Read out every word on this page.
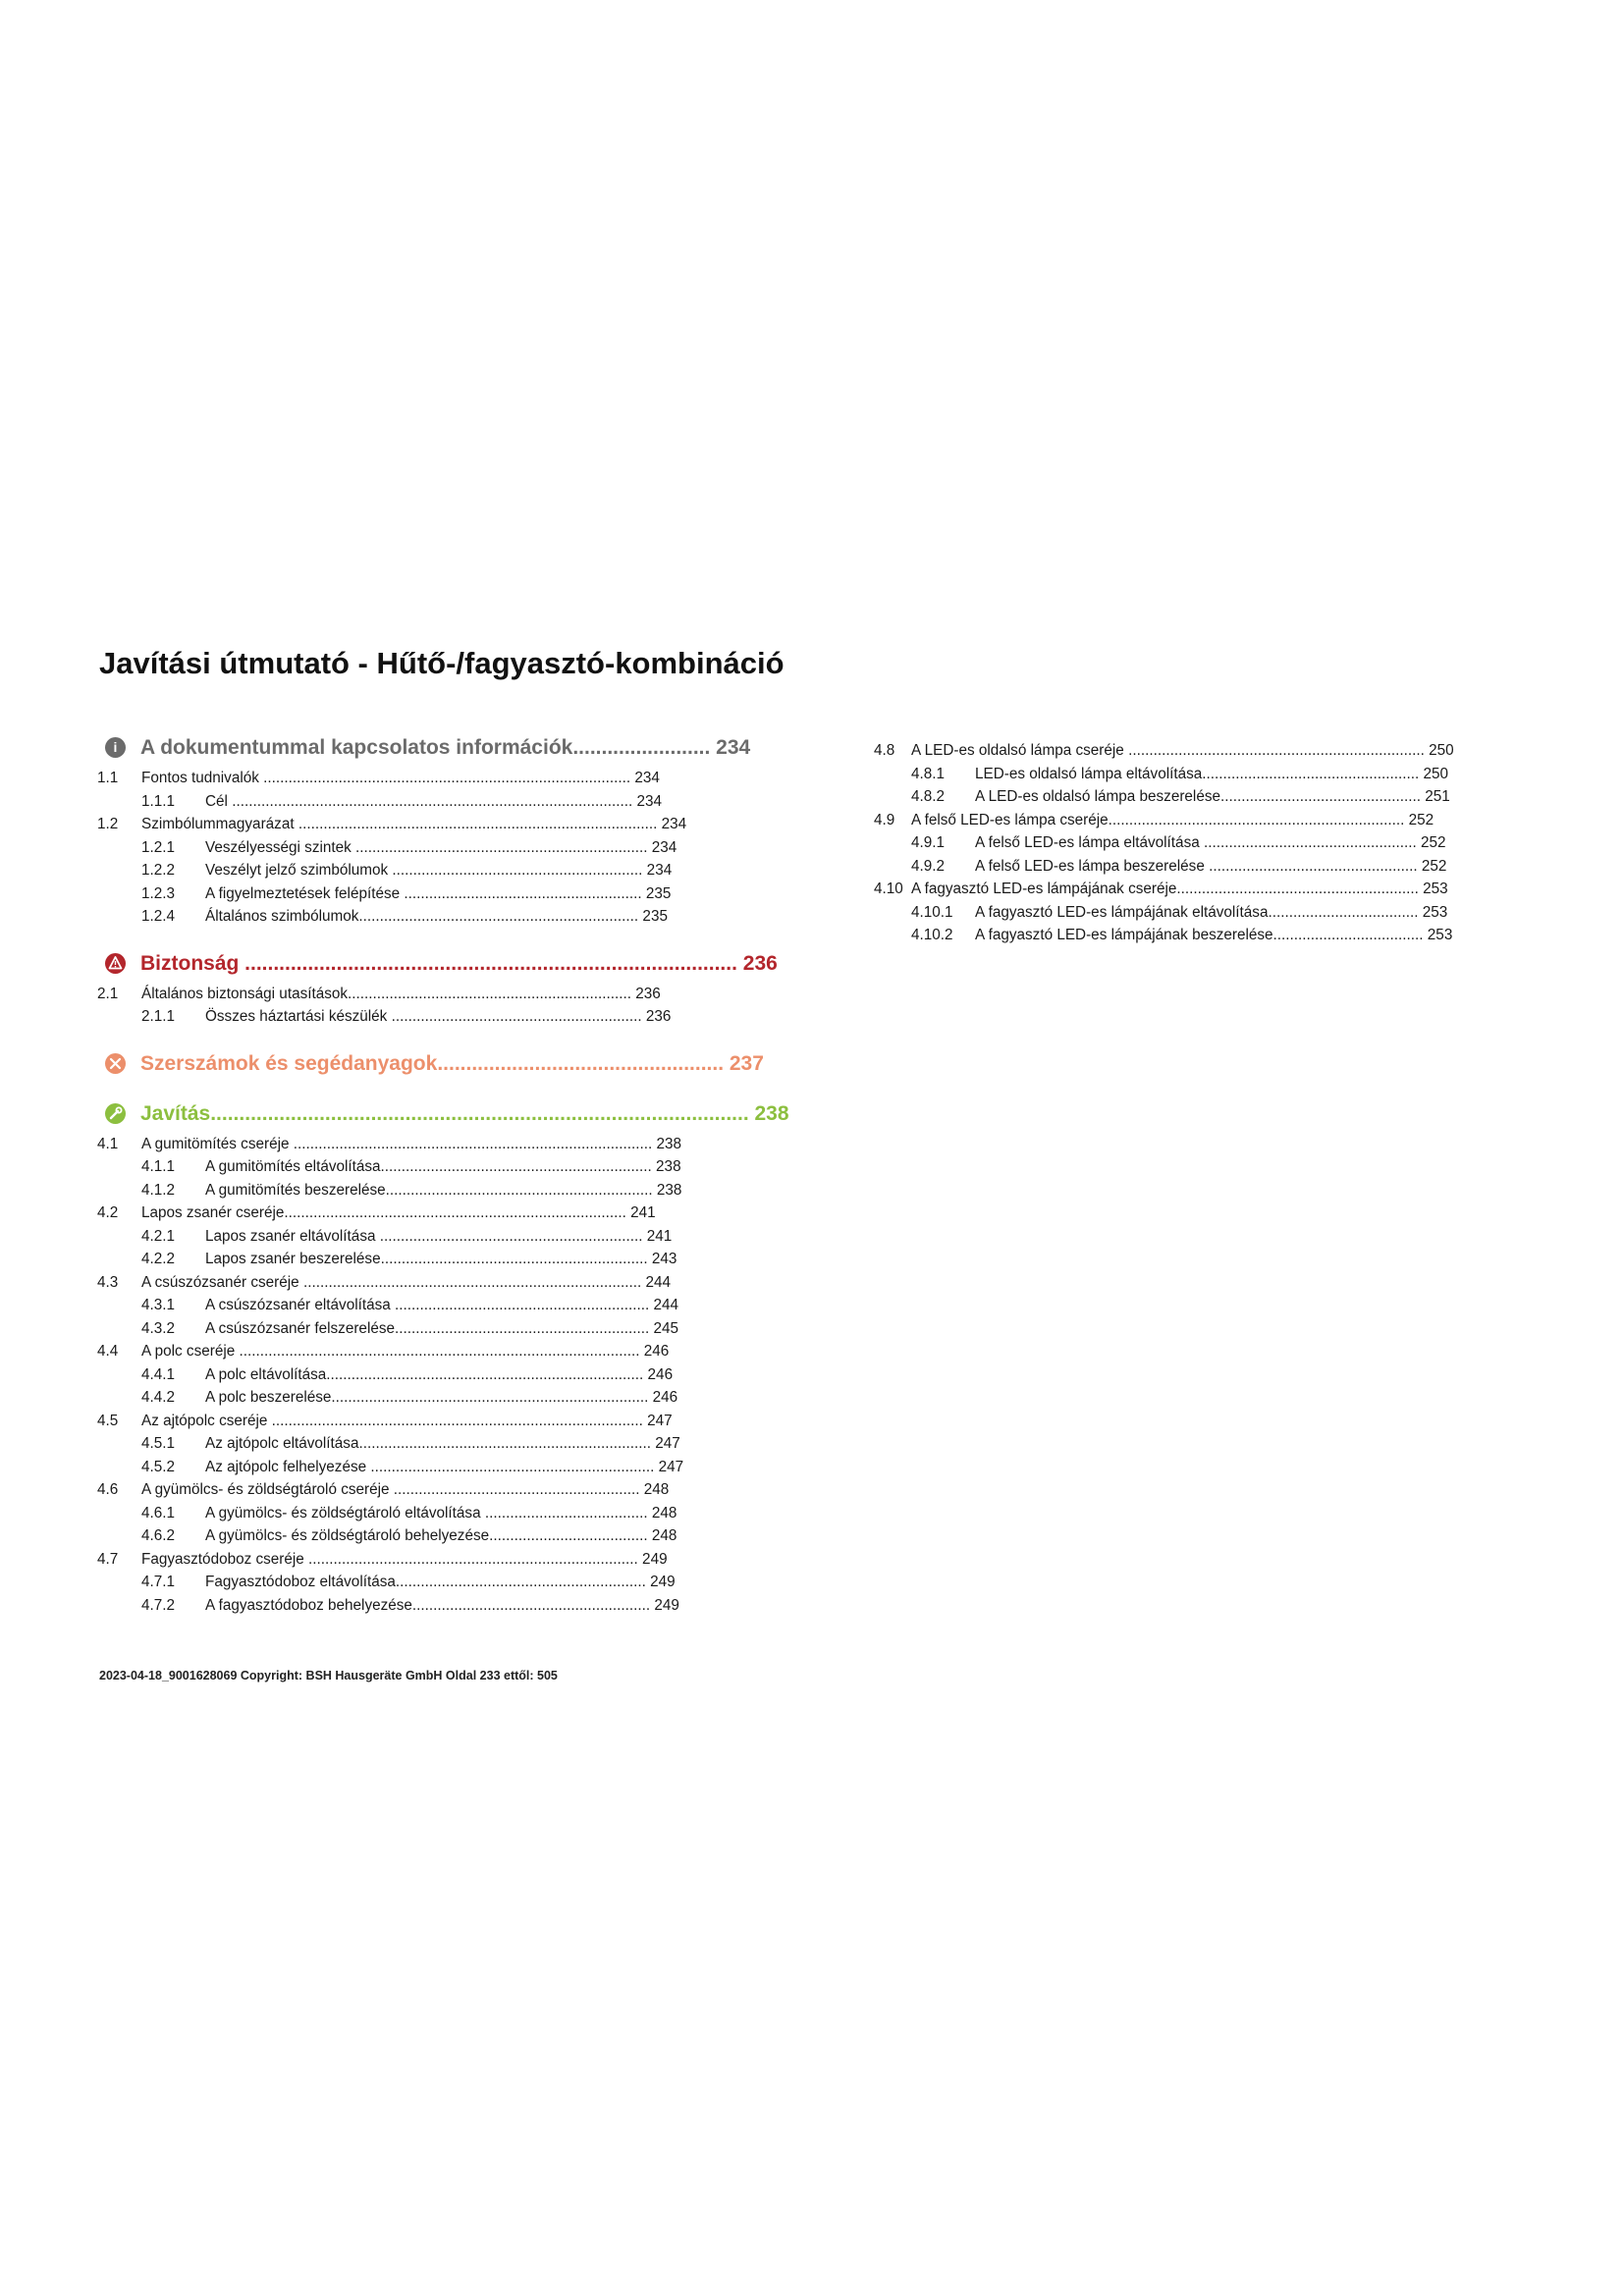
Javítási útmutató - Hűtő-/fagyasztó-kombináció
i	A dokumentummal kapcsolatos információk........................ 234
1.1 Fontos tudnivalók ........................................................................................ 234
1.1.1 Cél ................................................................................................ 234
1.2 Szimbólummagyarázat ...................................................................................... 234
1.2.1 Veszélyességi szintek ...................................................................... 234
1.2.2 Veszélyt jelző szimbólumok ............................................................ 234
1.2.3 A figyelmeztetések felépítése ......................................................... 235
1.2.4 Általános szimbólumok................................................................... 235
Biztonság ...................................................................................... 236
2.1 Általános biztonsági utasítások.................................................................... 236
2.1.1 Összes háztartási készülék ............................................................ 236
Szerszámok és segédanyagok.................................................. 237
Javítás.............................................................................................. 238
4.1 A gumitömítés cseréje ...................................................................................... 238
4.1.1 A gumitömítés eltávolítása................................................................. 238
4.1.2 A gumitömítés beszerelése................................................................ 238
4.2 Lapos zsanér cseréje.................................................................................. 241
4.2.1 Lapos zsanér eltávolítása ............................................................... 241
4.2.2 Lapos zsanér beszerelése................................................................ 243
4.3 A csúszózsanér cseréje ................................................................................. 244
4.3.1 A csúszózsanér eltávolítása ............................................................. 244
4.3.2 A csúszózsanér felszerelése............................................................. 245
4.4 A polc cseréje ................................................................................................ 246
4.4.1 A polc eltávolítása............................................................................ 246
4.4.2 A polc beszerelése............................................................................ 246
4.5 Az ajtópolc cseréje ......................................................................................... 247
4.5.1 Az ajtópolc eltávolítása...................................................................... 247
4.5.2 Az ajtópolc felhelyezése .................................................................... 247
4.6 A gyümölcs- és zöldségtároló cseréje ........................................................... 248
4.6.1 A gyümölcs- és zöldségtároló eltávolítása ....................................... 248
4.6.2 A gyümölcs- és zöldségtároló behelyezése...................................... 248
4.7 Fagyasztódoboz cseréje ............................................................................... 249
4.7.1 Fagyasztódoboz eltávolítása............................................................ 249
4.7.2 A fagyasztódoboz behelyezése......................................................... 249
4.8 A LED-es oldalsó lámpa cseréje ....................................................................... 250
4.8.1 LED-es oldalsó lámpa eltávolítása.................................................... 250
4.8.2 A LED-es oldalsó lámpa beszerelése................................................ 251
4.9 A felső LED-es lámpa cseréje....................................................................... 252
4.9.1 A felső LED-es lámpa eltávolítása ................................................... 252
4.9.2 A felső LED-es lámpa beszerelése .................................................. 252
4.10 A fagyasztó LED-es lámpájának cseréje.......................................................... 253
4.10.1 A fagyasztó LED-es lámpájának eltávolítása.................................... 253
4.10.2 A fagyasztó LED-es lámpájának beszerelése.................................... 253

2023-04-18_9001628069 Copyright: BSH Hausgeräte GmbH Oldal 233 ettől: 505
